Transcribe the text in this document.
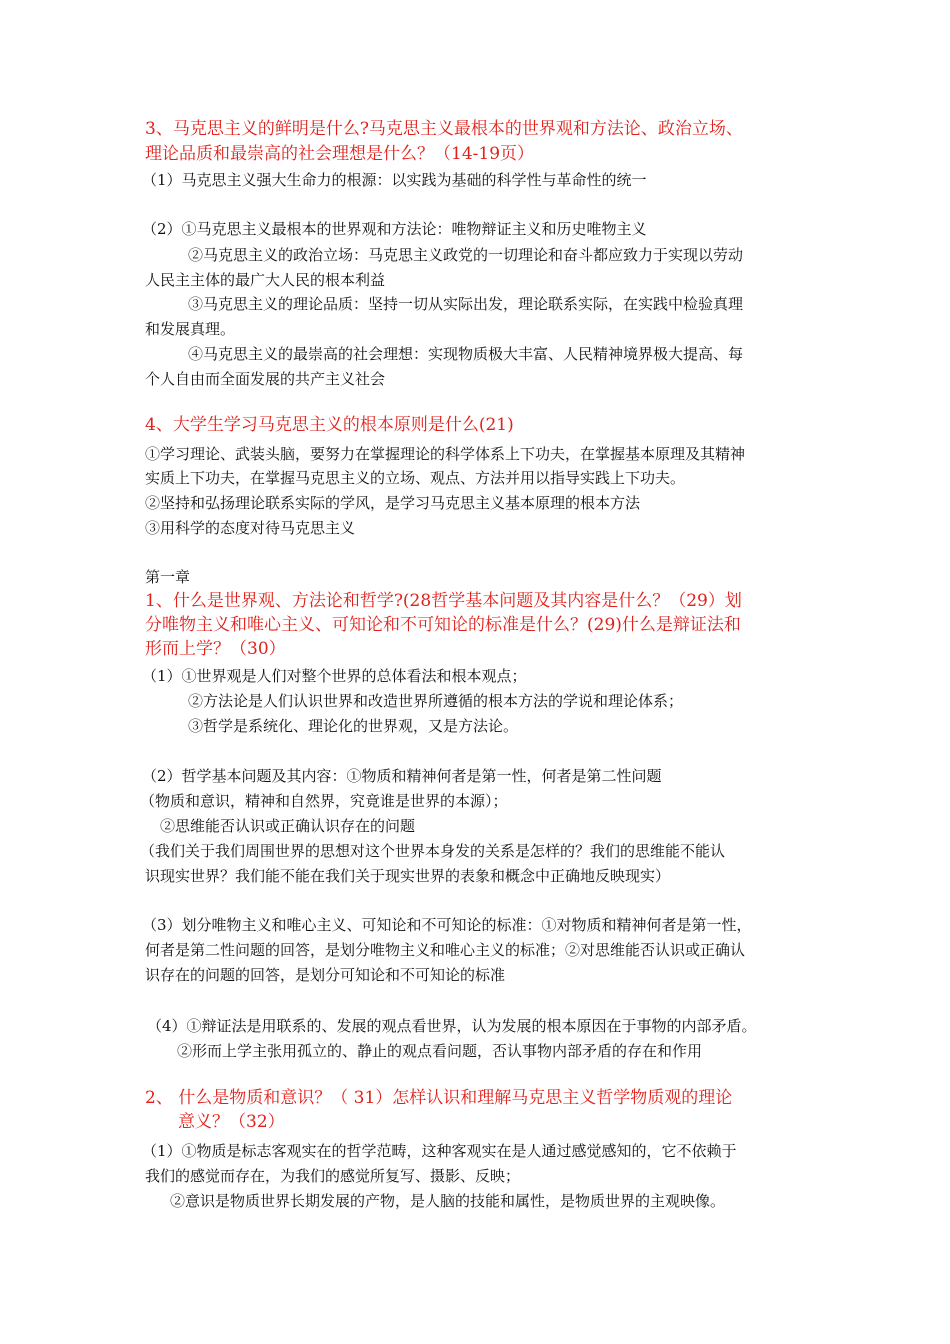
3、马克思主义的鲜明是什么?马克思主义最根本的世界观和方法论、政治立场、
理论品质和最崇高的社会理想是什么？（14-19页）
（1）马克思主义强大生命力的根源：以实践为基础的科学性与革命性的统一
（2）①马克思主义最根本的世界观和方法论：唯物辩证主义和历史唯物主义
②马克思主义的政治立场：马克思主义政党的一切理论和奋斗都应致力于实现以劳动
人民主主体的最广大人民的根本利益
③马克思主义的理论品质：坚持一切从实际出发，理论联系实际，在实践中检验真理
和发展真理。
④马克思主义的最崇高的社会理想：实现物质极大丰富、人民精神境界极大提高、每
个人自由而全面发展的共产主义社会
4、大学生学习马克思主义的根本原则是什么(21)
①学习理论、武装头脑，要努力在掌握理论的科学体系上下功夫，在掌握基本原理及其精神
实质上下功夫，在掌握马克思主义的立场、观点、方法并用以指导实践上下功夫。
②坚持和弘扬理论联系实际的学风，是学习马克思主义基本原理的根本方法
③用科学的态度对待马克思主义
第一章
1、什么是世界观、方法论和哲学?(28哲学基本问题及其内容是什么？（29）划
分唯物主义和唯心主义、可知论和不可知论的标准是什么？(29)什么是辩证法和
形而上学？（30）
（1）①世界观是人们对整个世界的总体看法和根本观点；
②方法论是人们认识世界和改造世界所遵循的根本方法的学说和理论体系；
③哲学是系统化、理论化的世界观，又是方法论。
（2）哲学基本问题及其内容：①物质和精神何者是第一性，何者是第二性问题
（物质和意识，精神和自然界，究竟谁是世界的本源）；
②思维能否认识或正确认识存在的问题
（我们关于我们周围世界的思想对这个世界本身发的关系是怎样的？我们的思维能不能认
识现实世界？我们能不能在我们关于现实世界的表象和概念中正确地反映现实）
（3）划分唯物主义和唯心主义、可知论和不可知论的标准：①对物质和精神何者是第一性，
何者是第二性问题的回答，是划分唯物主义和唯心主义的标准；②对思维能否认识或正确认
识存在的问题的回答，是划分可知论和不可知论的标准
（4）①辩证法是用联系的、发展的观点看世界，认为发展的根本原因在于事物的内部矛盾。
②形而上学主张用孤立的、静止的观点看问题，否认事物内部矛盾的存在和作用
2、 什么是物质和意识？（ 31）怎样认识和理解马克思主义哲学物质观的理论
意义？（32）
（1）①物质是标志客观实在的哲学范畴，这种客观实在是人通过感觉感知的，它不依赖于
我们的感觉而存在，为我们的感觉所复写、摄影、反映；
②意识是物质世界长期发展的产物，是人脑的技能和属性，是物质世界的主观映像。
